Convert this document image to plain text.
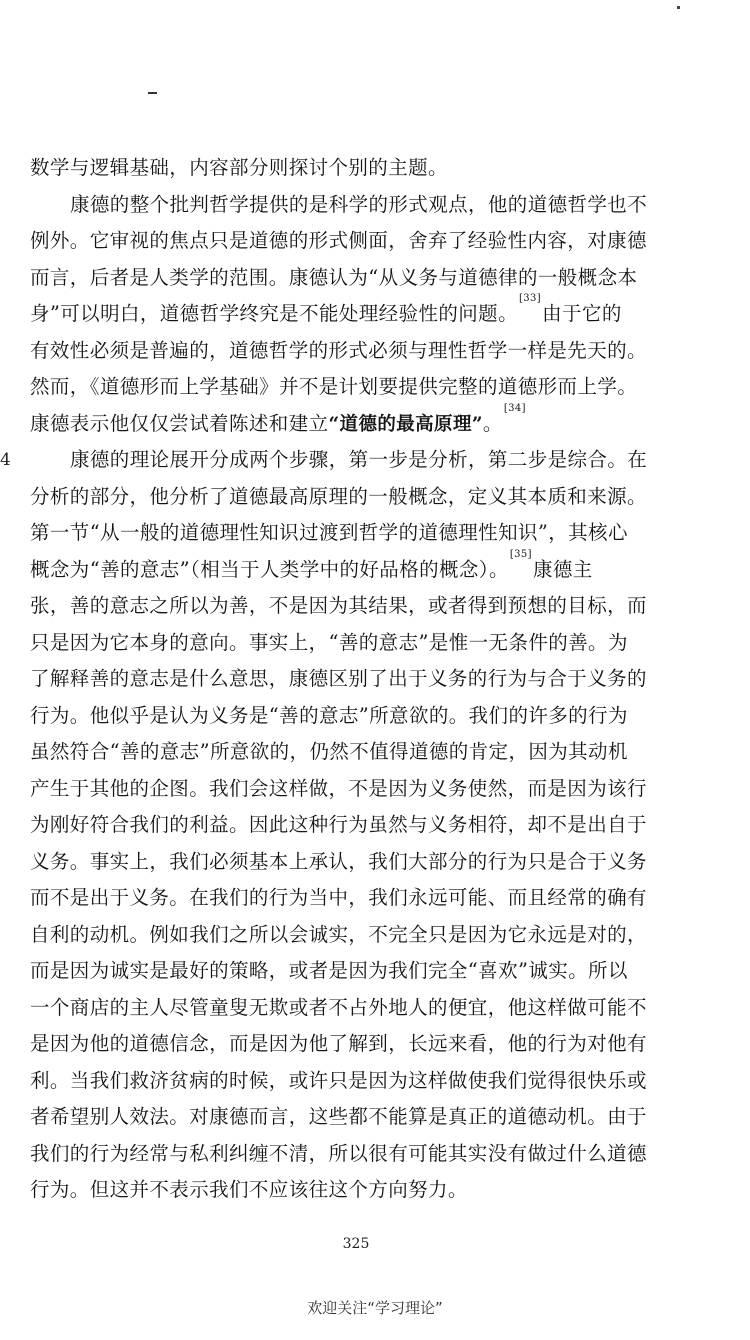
4
数学与逻辑基础，内容部分则探讨个别的主题。
康德的整个批判哲学提供的是科学的形式观点，他的道德哲学也不
例外。它审视的焦点只是道德的形式侧面，舍弃了经验性内容，对康德
而言，后者是人类学的范围。康德认为“从义务与道德律的一般概念本
身”可以明白，道德哲学终究是不能处理经验性的问题。[33]由于它的
有效性必须是普遍的，道德哲学的形式必须与理性哲学一样是先天的。
然而，《道德形而上学基础》并不是计划要提供完整的道德形而上学。
康德表示他仅仅尝试着陈述和建立“道德的最高原理”。[34]
康德的理论展开分成两个步骤，第一步是分析，第二步是综合。在
分析的部分，他分析了道德最高原理的一般概念，定义其本质和来源。
第一节“从一般的道德理性知识过渡到哲学的道德理性知识”，其核心
概念为“善的意志”（相当于人类学中的好品格的概念）。[35]康德主
张，善的意志之所以为善，不是因为其结果，或者得到预想的目标，而
只是因为它本身的意向。事实上，“善的意志”是惟一无条件的善。为
了解释善的意志是什么意思，康德区别了出于义务的行为与合于义务的
行为。他似乎是认为义务是“善的意志”所意欲的。我们的许多的行为
虽然符合“善的意志”所意欲的，仍然不值得道德的肯定，因为其动机
产生于其他的企图。我们会这样做，不是因为义务使然，而是因为该行
为刚好符合我们的利益。因此这种行为虽然与义务相符，却不是出自于
义务。事实上，我们必须基本上承认，我们大部分的行为只是合于义务
而不是出于义务。在我们的行为当中，我们永远可能、而且经常的确有
自利的动机。例如我们之所以会诚实，不完全只是因为它永远是对的，
而是因为诚实是最好的策略，或者是因为我们完全“喜欢”诚实。所以
一个商店的主人尽管童叟无欺或者不占外地人的便宜，他这样做可能不
是因为他的道德信念，而是因为他了解到，长远来看，他的行为对他有
利。当我们救济贫病的时候，或许只是因为这样做使我们觉得很快乐或
者希望别人效法。对康德而言，这些都不能算是真正的道德动机。由于
我们的行为经常与私利纠缠不清，所以很有可能其实没有做过什么道德
行为。但这并不表示我们不应该往这个方向努力。
325
欢迎关注“学习理论”
